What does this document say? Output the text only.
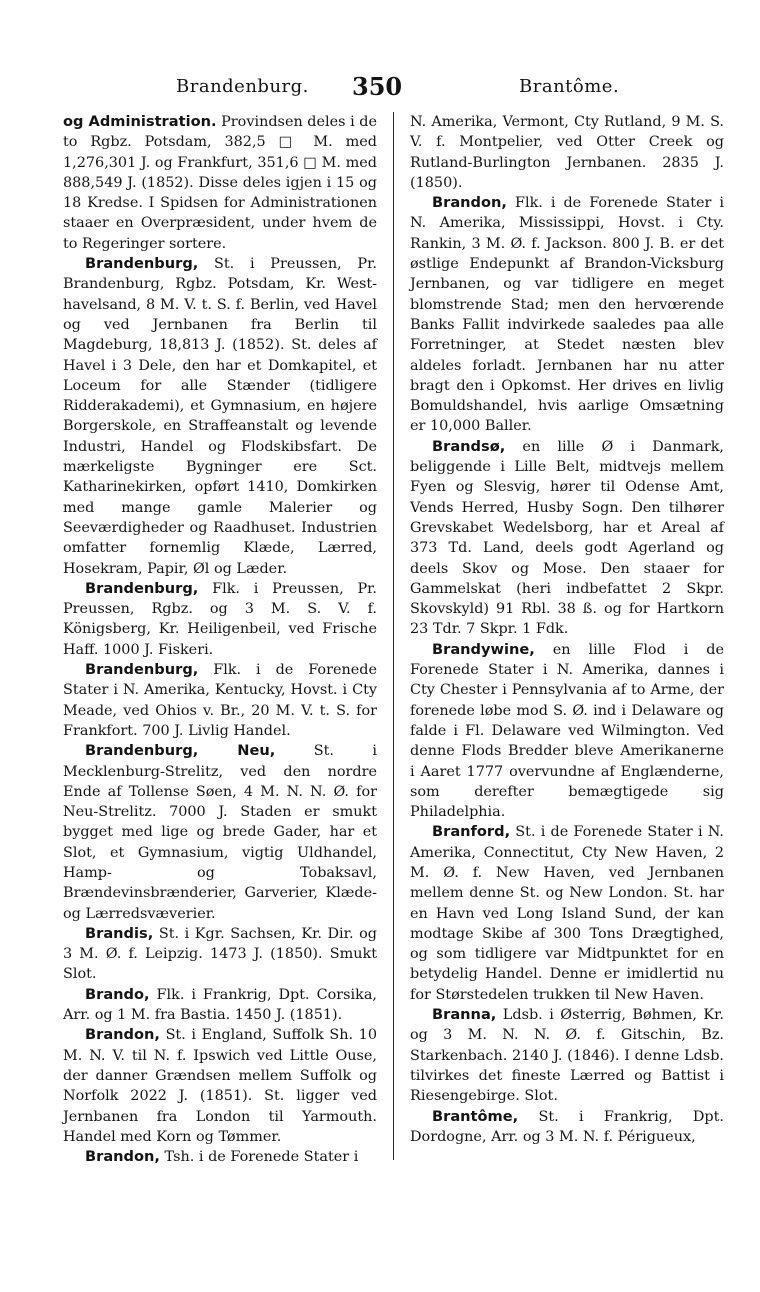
Brandenburg. 350	Brantôme.

og Administration. Provindsen deles i de to Rgbz. Potsdam, 382,5 □ M. med 1,276,301 J. og Frankfurt, 351,6 □ M. med 888,549 J. (1852). Disse deles igjen i 15 og 18 Kredse. I Spidsen for Administrationen staaer en Overpræsident, under hvem de to Regeringer sortere.

Brandenburg, St. i Preussen, Pr. Brandenburg, Rgbz. Potsdam, Kr. West-havelsand, 8 M. V. t. S. f. Berlin, ved Havel og ved Jernbanen fra Berlin til Magdeburg, 18,813 J. (1852). St. deles af Havel i 3 Dele, den har et Domkapitel, et Loceum for alle Stænder (tidligere Ridderakademi), et Gymnasium, en højere Borgerskole, en Straffeanstalt og levende Industri, Handel og Flodskibsfart. De mærkeligste Bygninger ere Sct. Katharinekirken, opført 1410, Domkirken med mange gamle Malerier og Seeværdigheder og Raadhuset. Industrien omfatter fornemlig Klæde, Lærred, Hosekram, Papir, Øl og Læder.

Brandenburg, Flk. i Preussen, Pr. Preussen, Rgbz. og 3 M. S. V. f. Königsberg, Kr. Heiligenbeil, ved Frische Haff. 1000 J. Fiskeri.

Brandenburg, Flk. i de Forenede Stater i N. Amerika, Kentucky, Hovst. i Cty Meade, ved Ohios v. Br., 20 M. V. t. S. for Frankfort. 700 J. Livlig Handel.

Brandenburg, Neu, St. i Mecklenburg-Strelitz, ved den nordre Ende af Tollense Søen, 4 M. N. N. Ø. for Neu-Strelitz. 7000 J. Staden er smukt bygget med lige og brede Gader, har et Slot, et Gymnasium, vigtig Uldhandel, Hamp- og Tobaksavl, Brændevinsbrænderier, Garverier, Klæde- og Lærredsvæverier.

Brandis, St. i Kgr. Sachsen, Kr. Dir. og 3 M. Ø. f. Leipzig. 1473 J. (1850). Smukt Slot.

Brando, Flk. i Frankrig, Dpt. Corsika, Arr. og 1 M. fra Bastia. 1450 J. (1851).

Brandon, St. i England, Suffolk Sh. 10 M. N. V. til N. f. Ipswich ved Little Ouse, der danner Grændsen mellem Suffolk og Norfolk 2022 J. (1851). St. ligger ved Jernbanen fra London til Yarmouth. Handel med Korn og Tømmer.

Brandon, Tsh. i de Forenede Stater i

N. Amerika, Vermont, Cty Rutland, 9 M. S. V. f. Montpelier, ved Otter Creek og Rutland-Burlington Jernbanen. 2835 J. (1850).

Brandon, Flk. i de Forenede Stater i N. Amerika, Mississippi, Hovst. i Cty. Rankin, 3 M. Ø. f. Jackson. 800 J. B. er det østlige Endepunkt af Brandon-Vicksburg Jernbanen, og var tidligere en meget blomstrende Stad; men den hervœrende Banks Fallit indvirkede saaledes paa alle Forretninger, at Stedet næsten blev aldeles forladt. Jernbanen har nu atter bragt den i Opkomst. Her drives en livlig Bomuldshandel, hvis aarlige Omsætning er 10,000 Baller.

Brandsø, en lille Ø i Danmark, beliggende i Lille Belt, midtvejs mellem Fyen og Slesvig, hører til Odense Amt, Vends Herred, Husby Sogn. Den tilhører Grevskabet Wedelsborg, har et Areal af 373 Td. Land, deels godt Agerland og deels Skov og Mose. Den staaer for Gammelskat (heri indbefattet 2 Skpr. Skovskyld) 91 Rbl. 38 ß. og for Hartkorn 23 Tdr. 7 Skpr. 1 Fdk.

Brandywine, en lille Flod i de Forenede Stater i N. Amerika, dannes i Cty Chester i Pennsylvania af to Arme, der forenede løbe mod S. Ø. ind i Delaware og falde i Fl. Delaware ved Wilmington. Ved denne Flods Bredder bleve Amerikanerne i Aaret 1777 overvundne af Englænderne, som derefter bemægtigede sig Philadelphia.

Branford, St. i de Forenede Stater i N. Amerika, Connectitut, Cty New Haven, 2 M. Ø. f. New Haven, ved Jernbanen mellem denne St. og New London. St. har en Havn ved Long Island Sund, der kan modtage Skibe af 300 Tons Drægtighed, og som tidligere var Midtpunktet for en betydelig Handel. Denne er imidlertid nu for Størstedelen trukken til New Haven.

Branna, Ldsb. i Østerrig, Bøhmen, Kr. og 3 M. N. N. Ø. f. Gitschin, Bz. Starkenbach. 2140 J. (1846). I denne Ldsb. tilvirkes det fineste Lærred og Battist i Riesengebirge. Slot.

Brantôme, St. i Frankrig, Dpt. Dordogne, Arr. og 3 M. N. f. Périgueux,
